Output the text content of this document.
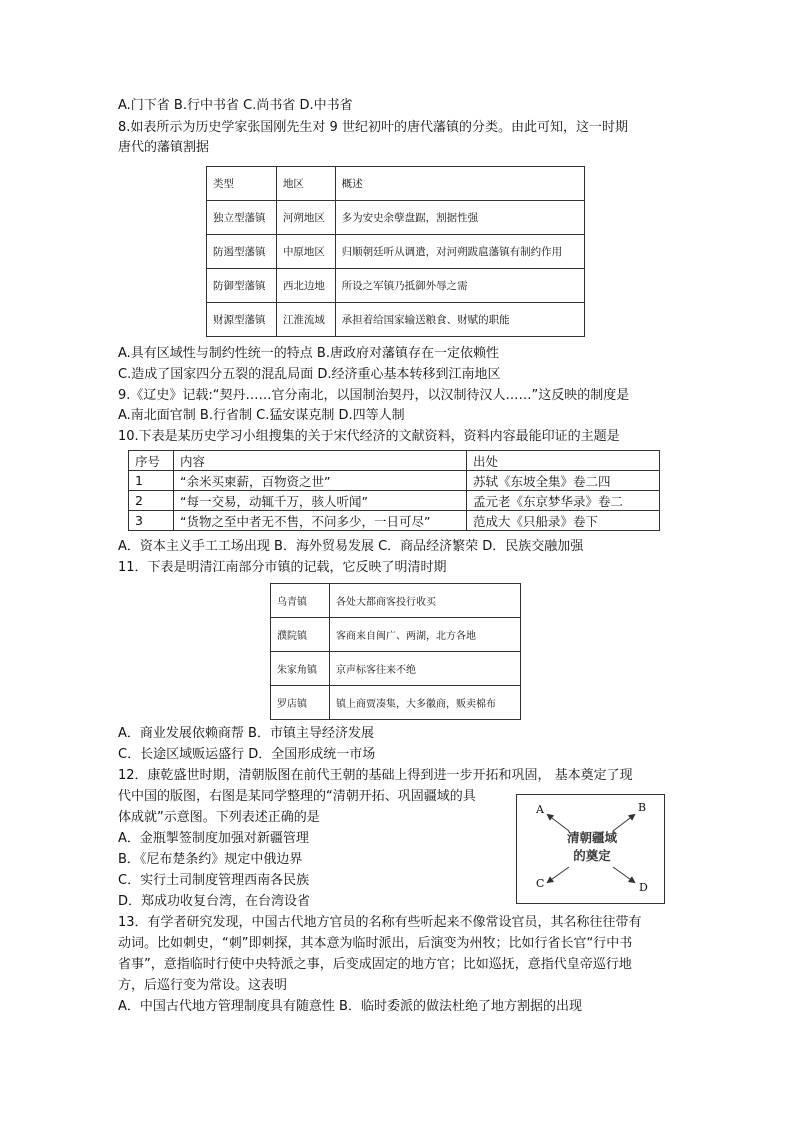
A.门下省 B.行中书省 C.尚书省 D.中书省
8.如表所示为历史学家张国刚先生对 9 世纪初叶的唐代藩镇的分类。由此可知，这一时期
唐代的藩镇割据
类型	地区	概述
独立型藩镇	河朔地区	多为安史余孽盘踞，割据性强
防遏型藩镇	中原地区	归顺朝廷听从调遣，对河朔跋扈藩镇有制约作用
防御型藩镇	西北边地	所设之军镇乃抵御外辱之需
财源型藩镇	江淮流域	承担着给国家输送粮食、财赋的职能
A.具有区域性与制约性统一的特点 B.唐政府对藩镇存在一定依赖性
C.造成了国家四分五裂的混乱局面 D.经济重心基本转移到江南地区
9.《辽史》记载:“契丹……官分南北，以国制治契丹，以汉制待汉人……”这反映的制度是
A.南北面官制 B.行省制 C.猛安谋克制 D.四等人制
10.下表是某历史学习小组搜集的关于宋代经济的文献资料，资料内容最能印证的主题是
序号	内容	出处
1	“余米买柬薪，百物资之世”	苏轼《东坡全集》卷二四
2	“每一交易，动辄千万，骇人听闻”	孟元老《东京梦华录》卷二
3	“货物之至中者无不售，不问多少，一日可尽”	范成大《只船录》卷下
A．资本主义手工工场出现 B．海外贸易发展 C．商品经济繁荣 D．民族交融加强
11．下表是明清江南部分市镇的记载，它反映了明清时期
乌青镇	各处大都商客投行收买
濮院镇	客商来自闽广、两湖，北方各地
朱家角镇	京声标客往来不绝
罗店镇	镇上商贾凑集，大多徽商，贩卖棉布
A．商业发展依赖商帮 B．市镇主导经济发展
C．长途区域贩运盛行 D．全国形成统一市场
12．康乾盛世时期，清朝版图在前代王朝的基础上得到进一步开拓和巩固， 基本奠定了现
代中国的版图，右图是某同学整理的“清朝开拓、巩固疆域的具
体成就”示意图。下列表述正确的是
A．金瓶掣签制度加强对新疆管理
B．《尼布楚条约》规定中俄边界
C．实行土司制度管理西南各民族
D．郑成功收复台湾，在台湾设省
清朝疆域
的奠定
A	B
C	D
13．有学者研究发现，中国古代地方官员的名称有些听起来不像常设官员，其名称往往带有
动词。比如刺史，“刺”即刺探，其本意为临时派出，后演变为州牧；比如行省长官“行中书
省事”，意指临时行使中央特派之事，后变成固定的地方官；比如巡抚，意指代皇帝巡行地
方，后巡行变为常设。这表明
A．中国古代地方管理制度具有随意性 B．临时委派的做法杜绝了地方割据的出现
